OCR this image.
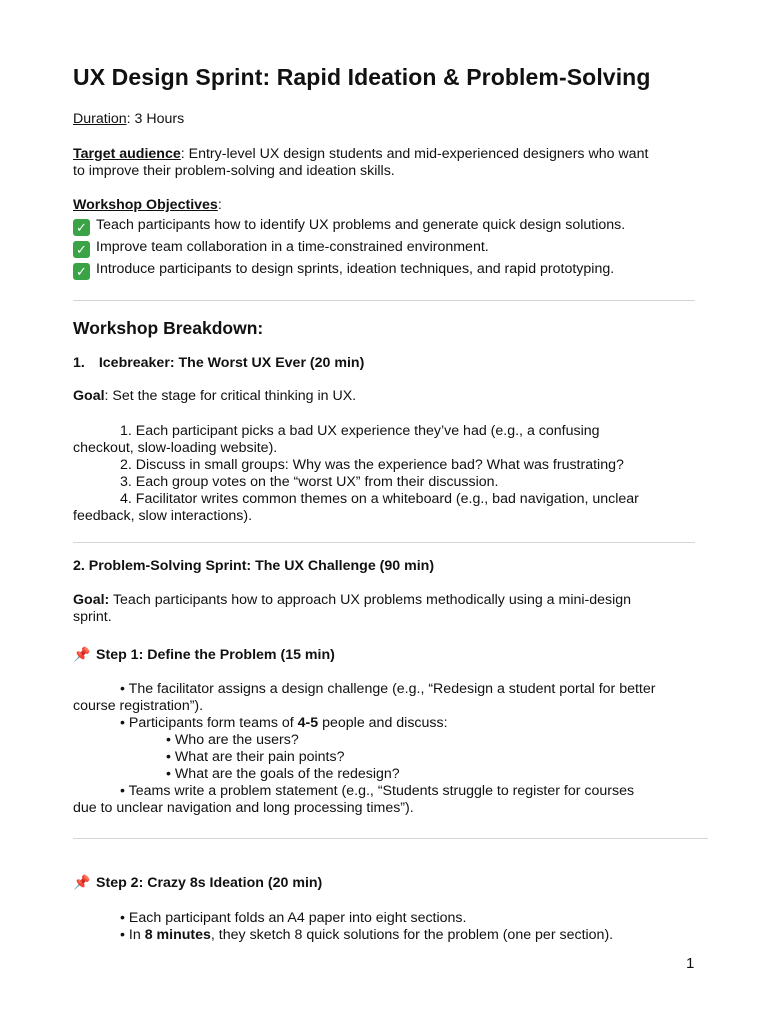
UX Design Sprint: Rapid Ideation & Problem-Solving
Duration: 3 Hours
Target audience: Entry-level UX design students and mid-experienced designers who want
to improve their problem-solving and ideation skills.
Workshop Objectives:
✓ Teach participants how to identify UX problems and generate quick design solutions.
✓ Improve team collaboration in a time-constrained environment.
✓ Introduce participants to design sprints, ideation techniques, and rapid prototyping.
Workshop Breakdown:
1. Icebreaker: The Worst UX Ever (20 min)
Goal: Set the stage for critical thinking in UX.
1. Each participant picks a bad UX experience they’ve had (e.g., a confusing
checkout, slow-loading website).
2. Discuss in small groups: Why was the experience bad? What was frustrating?
3. Each group votes on the “worst UX” from their discussion.
4. Facilitator writes common themes on a whiteboard (e.g., bad navigation, unclear
feedback, slow interactions).
2. Problem-Solving Sprint: The UX Challenge (90 min)
Goal: Teach participants how to approach UX problems methodically using a mini-design
sprint.
📌 Step 1: Define the Problem (15 min)
• The facilitator assigns a design challenge (e.g., “Redesign a student portal for better
course registration”).
• Participants form teams of 4-5 people and discuss:
• Who are the users?
• What are their pain points?
• What are the goals of the redesign?
• Teams write a problem statement (e.g., “Students struggle to register for courses
due to unclear navigation and long processing times”).
📌 Step 2: Crazy 8s Ideation (20 min)
• Each participant folds an A4 paper into eight sections.
• In 8 minutes, they sketch 8 quick solutions for the problem (one per section).
1
